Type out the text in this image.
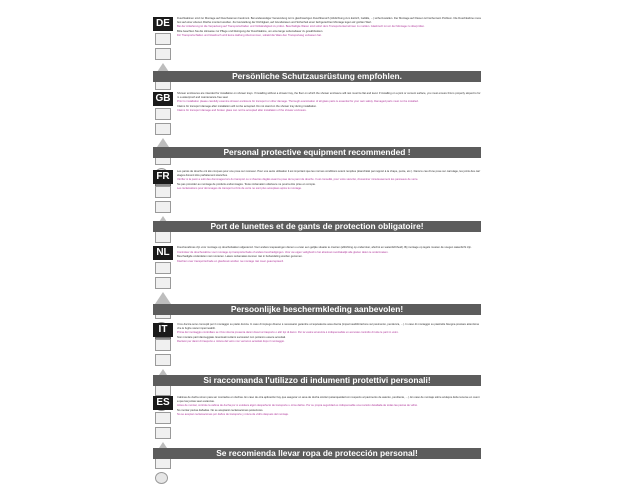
DE	Duschkabinen sind zur Montage auf Duschwannen bestimmt. Bei anderweitiger Verwendung ist im gleichwertigen Duschbereich (Abdichtung zum Estrich, Gefälle, ...) sicherzustellen. Der Montage auf Fliesen ist hierbei kein Problem. Die Duschkabine muss fest auf einer ebenen Fläche montiert werden. Zur Herstellung der Dichtigkeit, auf Grundwissen und Sicherheit einer fachgerechten Montage legen wir großen Wert.
Bei der Anlieferung ist die Verpackung auf Transportschäden und Vollständigkeit zu prüfen. Beschädigte Waren sind sofort dem Transportunternehmen zu melden. Glasbruch ist vor der Montage zu überprüfen.
Bitte beachten Sie die Hinweise zur Pflege und Reinigung der Duschkabine, um eine lange Lebensdauer zu gewährleisten.
Für Transportschäden und Glasbruch wird keine Haftung übernommen, sobald die Ware den Transportweg verlassen hat.
Persönliche Schutzausrüstung empfohlen.
GB	Shower enclosures are intended for installation on shower trays. If installing without a shower tray, the floor on which the shower enclosure will rest must be flat and level. If installing on a joint or cement surface, you must ensure this is properly sloped to form a waterproof and maintenance-free seal.
Prior to installation please carefully examine shower enclosure for transport or other damage. Thorough examination of all glass parts is essential for your own safety. Damaged parts must not be installed.
Claims for transport damage after installation will not be accepted. Do not stand on the shower tray during installation.
Claims for transport damage and broken glass can not be accepted after installation of the shower enclosure.
Personal protective equipment recommended !
FR	Les parois de douche ont été conçues pour une pose sur receveur. Pour une autre utilisation il est important que les normes conditions soient remplies (étanchéité par rapport à la chape, pente, etc.). Dans le cas d'une pose sur carrelage, les joints des carrelages doivent être parfaitement étanches.
Vérifier si la paroi a subi des dommages lors du transport ou si d'autres dégâts avant la pose de la paroi de douche. Il est conseillé, pour votre sécurité, d'examiner minutieusement les panneaux de verre.
Ne pas procéder au montage de produits endommagés. Toute réclamation ultérieure ne pourra être prise en compte.
Les réclamations pour dommages de transport et bris de verre ne sont plus acceptées après le montage.
Port de lunettes et de gants de protection obligatoire!
NL	Douchecabines zijn voor montage op douchebakken afgestemd. Voor andere toepassingen dienen u ervan een gelijke situatie te creëren (afdichting op ondervloer, afschot en waterdichtheid). Bij montage op tegels moeten de voegen waterdicht zijn.
Controleer de douchecabine voor montage op transportschade of andere beschadigingen. Voor uw eigen veiligheid is het absoluut noodzakelijk alle glazen delen te onderzoeken.
Beschadigde onderdelen niet monteren. Latere reclamaties kunnen niet in behandeling worden genomen.
Klachten over transportschade en glasbreuk worden na montage niet meer geaccepteerd.
Persoonlijke beschermkleding aanbevolen!
IT	I box doccia sono concepiti per il montaggio su piatto doccia. In caso di impiego diverso è necessario garantire un'equivalente area doccia (impermeabilizzazione sul pavimento, pendenza, ...). In caso di montaggio su piastrelle bisogna prestare attenzione che le fughe siano impermeabili.
Prima del montaggio controllare se il box doccia presenta danni dovuti al trasporto o altri tipi di danni. Per la vostra sicurezza è indispensabile un accurato controllo di tutte le parti in vetro.
Non montare parti danneggiate. Eventuali reclami successivi non potranno essere accettati.
Reclami per danni di trasporto e rottura del vetro non verranno accettati dopo il montaggio.
Si raccomanda l'utilizzo di indumenti protettivi personali!
ES	Cabinas de ducha sirven para ser montados en duchas. En caso de otra aplicación hay que asegurar un area de ducha similar (estanqueidad con respecto al pavimento de asiento, pendiente, ...). En caso de montaje sobre azulejos debe tenerse en cuenta que las juntas sean estancas.
Antes de montar, controle la cabina de ducha por si existiera algún desperfecto de transporte u otros daños. Por su propia seguridad es indispensable una revisión detallada de todas las piezas de vidrio.
No montar piezas dañadas. No se aceptarán reclamaciones posteriores.
No se aceptan reclamaciones por daños de transporte y rotura de vidrio después del montaje.
Se recomienda llevar ropa de protección personal!
